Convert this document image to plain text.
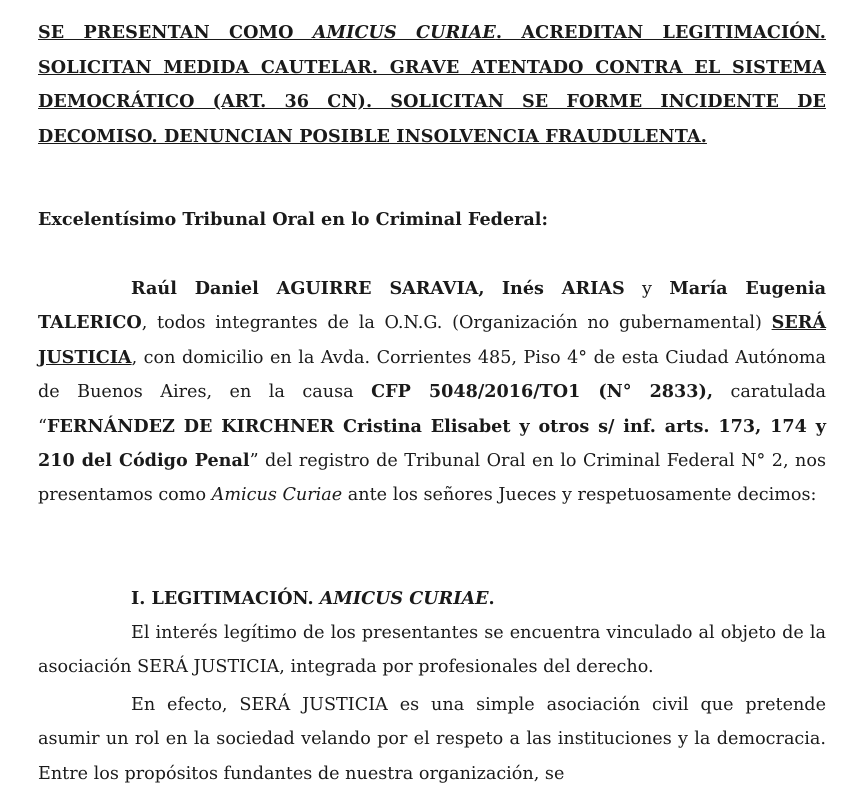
SE PRESENTAN COMO AMICUS CURIAE. ACREDITAN LEGITIMACIÓN. SOLICITAN MEDIDA CAUTELAR. GRAVE ATENTADO CONTRA EL SISTEMA DEMOCRÁTICO (ART. 36 CN). SOLICITAN SE FORME INCIDENTE DE DECOMISO. DENUNCIAN POSIBLE INSOLVENCIA FRAUDULENTA.

Excelentísimo Tribunal Oral en lo Criminal Federal:

Raúl Daniel AGUIRRE SARAVIA, Inés ARIAS y María Eugenia TALERICO, todos integrantes de la O.N.G. (Organización no gubernamental) SERÁ JUSTICIA, con domicilio en la Avda. Corrientes 485, Piso 4° de esta Ciudad Autónoma de Buenos Aires, en la causa CFP 5048/2016/TO1 (N° 2833), caratulada “FERNÁNDEZ DE KIRCHNER Cristina Elisabet y otros s/ inf. arts. 173, 174 y 210 del Código Penal” del registro de Tribunal Oral en lo Criminal Federal N° 2, nos presentamos como Amicus Curiae ante los señores Jueces y respetuosamente decimos:

I. LEGITIMACIÓN. AMICUS CURIAE.

El interés legítimo de los presentantes se encuentra vinculado al objeto de la asociación SERÁ JUSTICIA, integrada por profesionales del derecho.

En efecto, SERÁ JUSTICIA es una simple asociación civil que pretende asumir un rol en la sociedad velando por el respeto a las instituciones y la democracia. Entre los propósitos fundantes de nuestra organización, se
